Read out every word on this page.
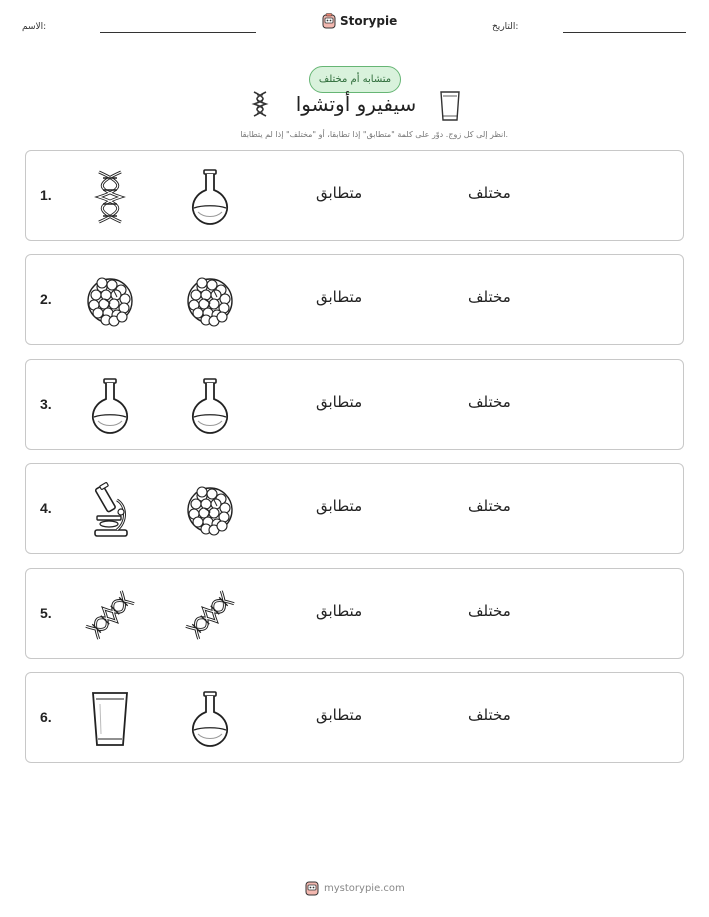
التاريخ:
الاسم:	Storypie
متشابه أم مختلف
سيفيرو أوتشوا
انظر إلى كل زوج. دوّر على كلمة "متطابق" إذا تطابقا، أو "مختلف" إذا لم يتطابقا.
1.	متطابق	مختلف
2.	متطابق	مختلف
3.	متطابق	مختلف
4.	متطابق	مختلف
5.	متطابق	مختلف
6.	متطابق	مختلف
mystorypie.com
